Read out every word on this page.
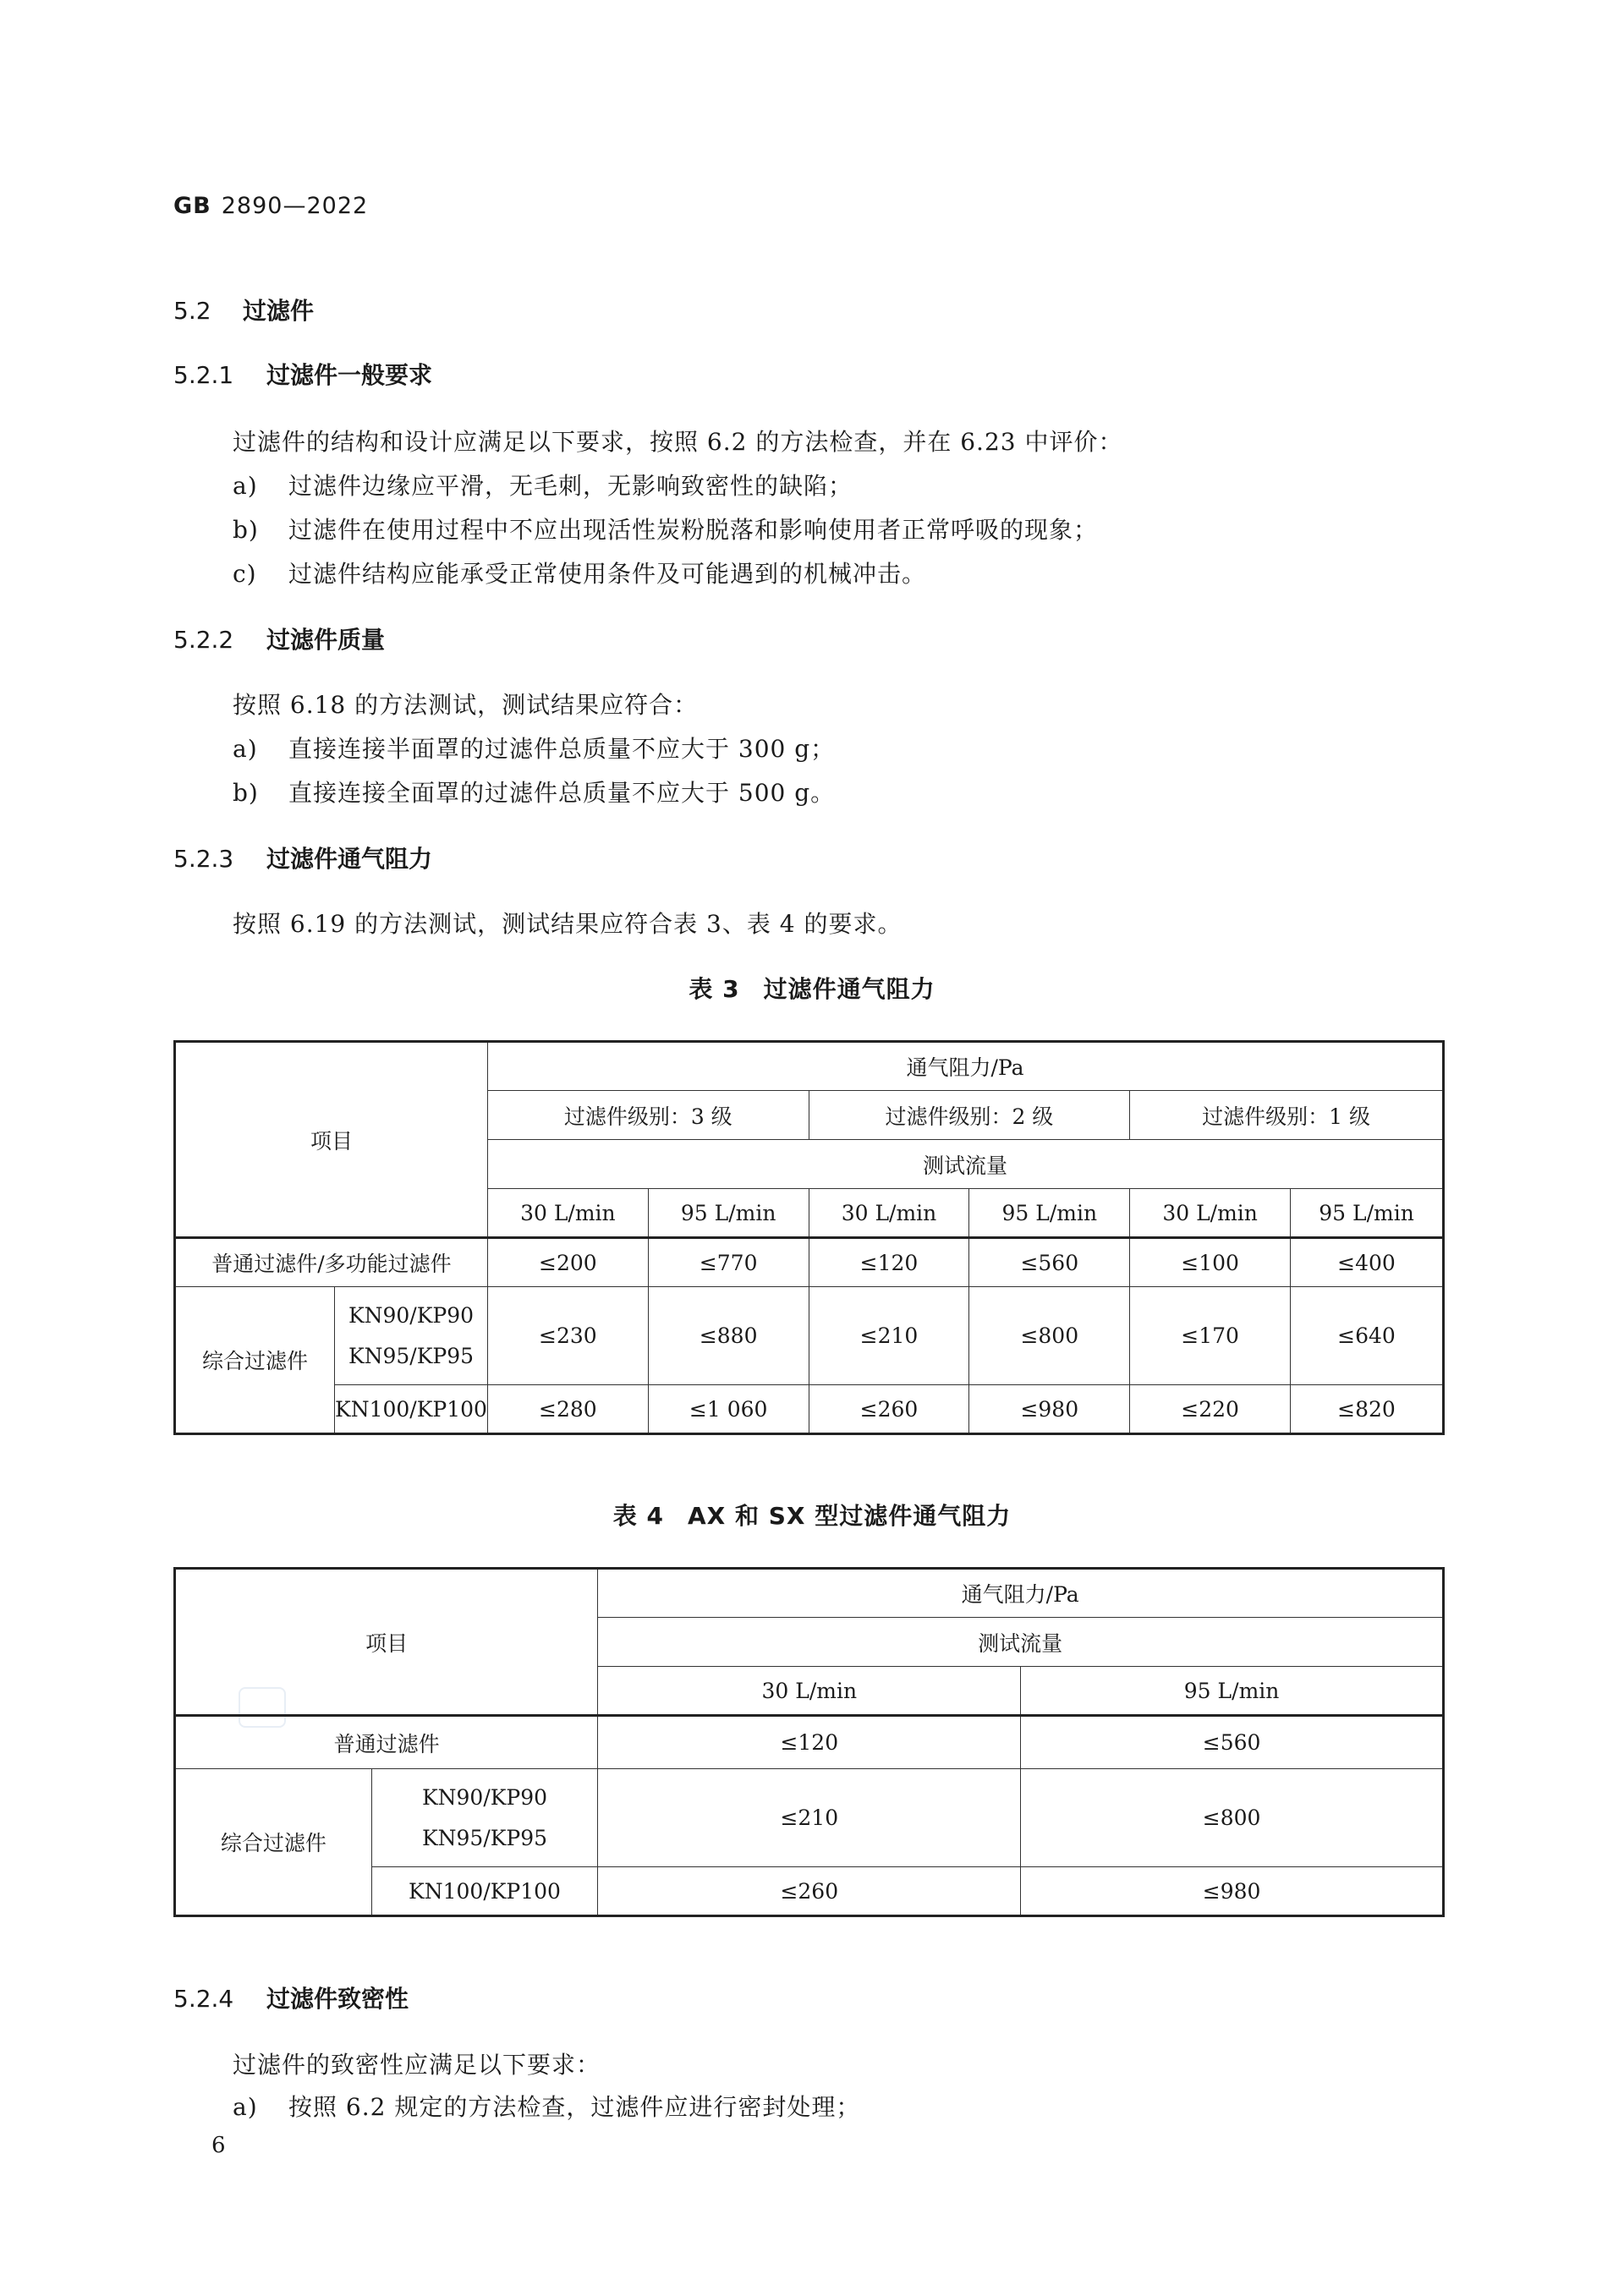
GB 2890—2022
5.2 过滤件
5.2.1 过滤件一般要求
过滤件的结构和设计应满足以下要求，按照 6.2 的方法检查，并在 6.23 中评价：
a) 过滤件边缘应平滑，无毛刺，无影响致密性的缺陷；
b) 过滤件在使用过程中不应出现活性炭粉脱落和影响使用者正常呼吸的现象；
c) 过滤件结构应能承受正常使用条件及可能遇到的机械冲击。
5.2.2 过滤件质量
按照 6.18 的方法测试，测试结果应符合：
a) 直接连接半面罩的过滤件总质量不应大于 300 g；
b) 直接连接全面罩的过滤件总质量不应大于 500 g。
5.2.3 过滤件通气阻力
按照 6.19 的方法测试，测试结果应符合表 3、表 4 的要求。
表 3 过滤件通气阻力
项目		通气阻力/Pa					
		过滤件级别：3 级		过滤件级别：2 级		过滤件级别：1 级	
		测试流量					
		30 L/min	95 L/min	30 L/min	95 L/min	30 L/min	95 L/min
普通过滤件/多功能过滤件		≤200	≤770	≤120	≤560	≤100	≤400
综合过滤件	KN90/KP90
KN95/KP95	≤230	≤880	≤210	≤800	≤170	≤640
	KN100/KP100	≤280	≤1 060	≤260	≤980	≤220	≤820
表 4 AX 和 SX 型过滤件通气阻力
项目		通气阻力/Pa	
		测试流量	
		30 L/min	95 L/min
普通过滤件		≤120	≤560
综合过滤件	KN90/KP90
KN95/KP95	≤210	≤800
	KN100/KP100	≤260	≤980
5.2.4 过滤件致密性
过滤件的致密性应满足以下要求：
a) 按照 6.2 规定的方法检查，过滤件应进行密封处理；
6
